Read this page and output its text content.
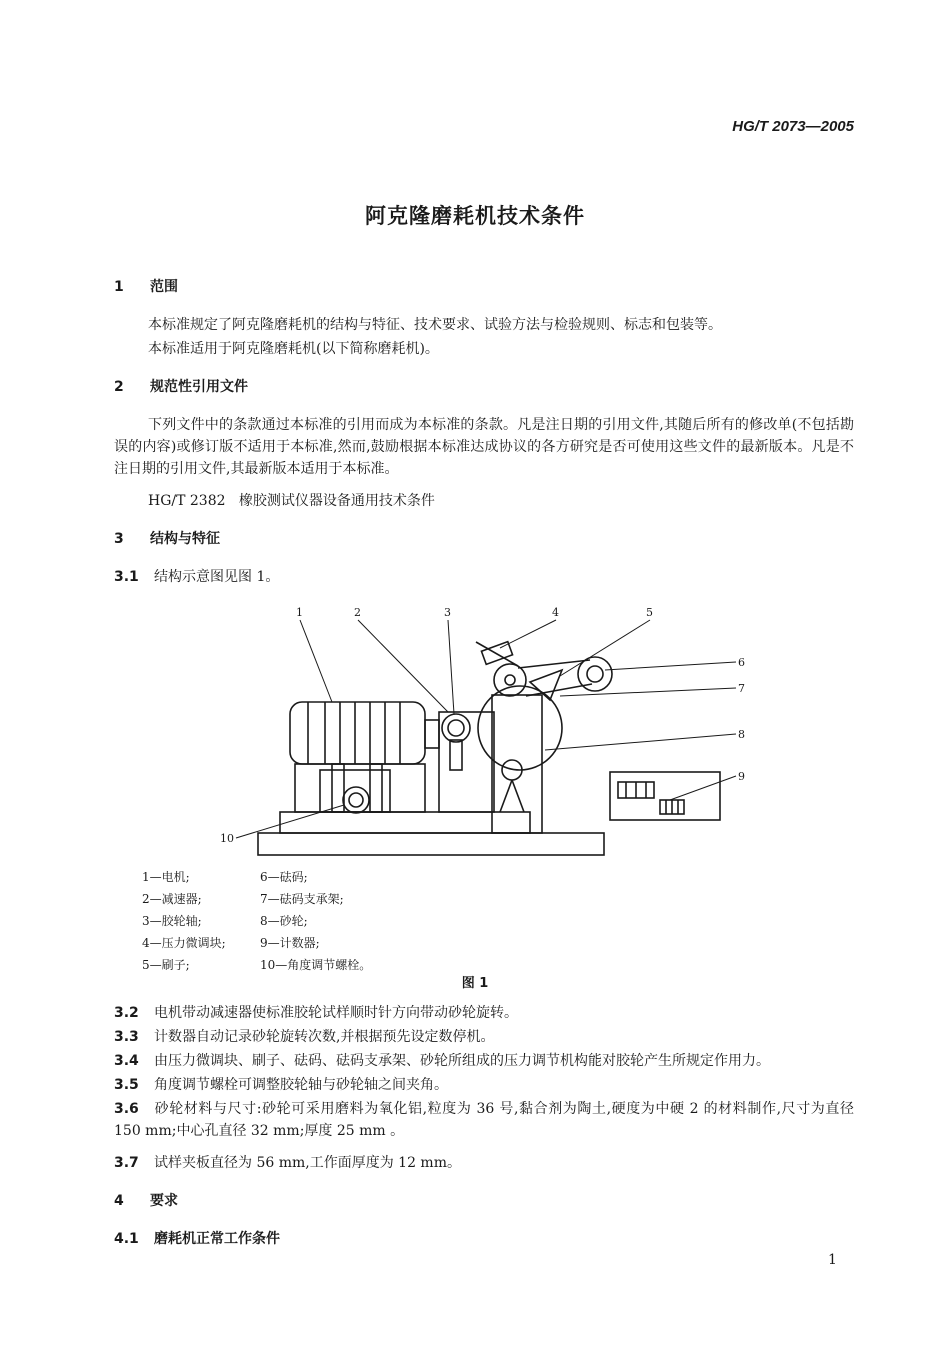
HG/T 2073—2005
阿克隆磨耗机技术条件
1 范围
本标准规定了阿克隆磨耗机的结构与特征、技术要求、试验方法与检验规则、标志和包装等。
本标准适用于阿克隆磨耗机(以下简称磨耗机)。
2 规范性引用文件
下列文件中的条款通过本标准的引用而成为本标准的条款。凡是注日期的引用文件,其随后所有的修改单(不包括勘误的内容)或修订版不适用于本标准,然而,鼓励根据本标准达成协议的各方研究是否可使用这些文件的最新版本。凡是不注日期的引用文件,其最新版本适用于本标准。
HG/T 2382   橡胶测试仪器设备通用技术条件
3 结构与特征
3.1 结构示意图见图 1。
1	2	3	4	5
6
7
8
9
10
1—电机;
2—减速器;
3—胶轮轴;
4—压力微调块;
5—刷子;
6—砝码;
7—砝码支承架;
8—砂轮;
9—计数器;
10—角度调节螺栓。
图 1
3.2 电机带动减速器使标准胶轮试样顺时针方向带动砂轮旋转。
3.3 计数器自动记录砂轮旋转次数,并根据预先设定数停机。
3.4 由压力微调块、刷子、砝码、砝码支承架、砂轮所组成的压力调节机构能对胶轮产生所规定作用力。
3.5 角度调节螺栓可调整胶轮轴与砂轮轴之间夹角。
3.6 砂轮材料与尺寸:砂轮可采用磨料为氧化铝,粒度为 36 号,黏合剂为陶土,硬度为中硬 2 的材料制作,尺寸为直径 150 mm;中心孔直径 32 mm;厚度 25 mm 。
3.7 试样夹板直径为 56 mm,工作面厚度为 12 mm。
4 要求
4.1 磨耗机正常工作条件
1
